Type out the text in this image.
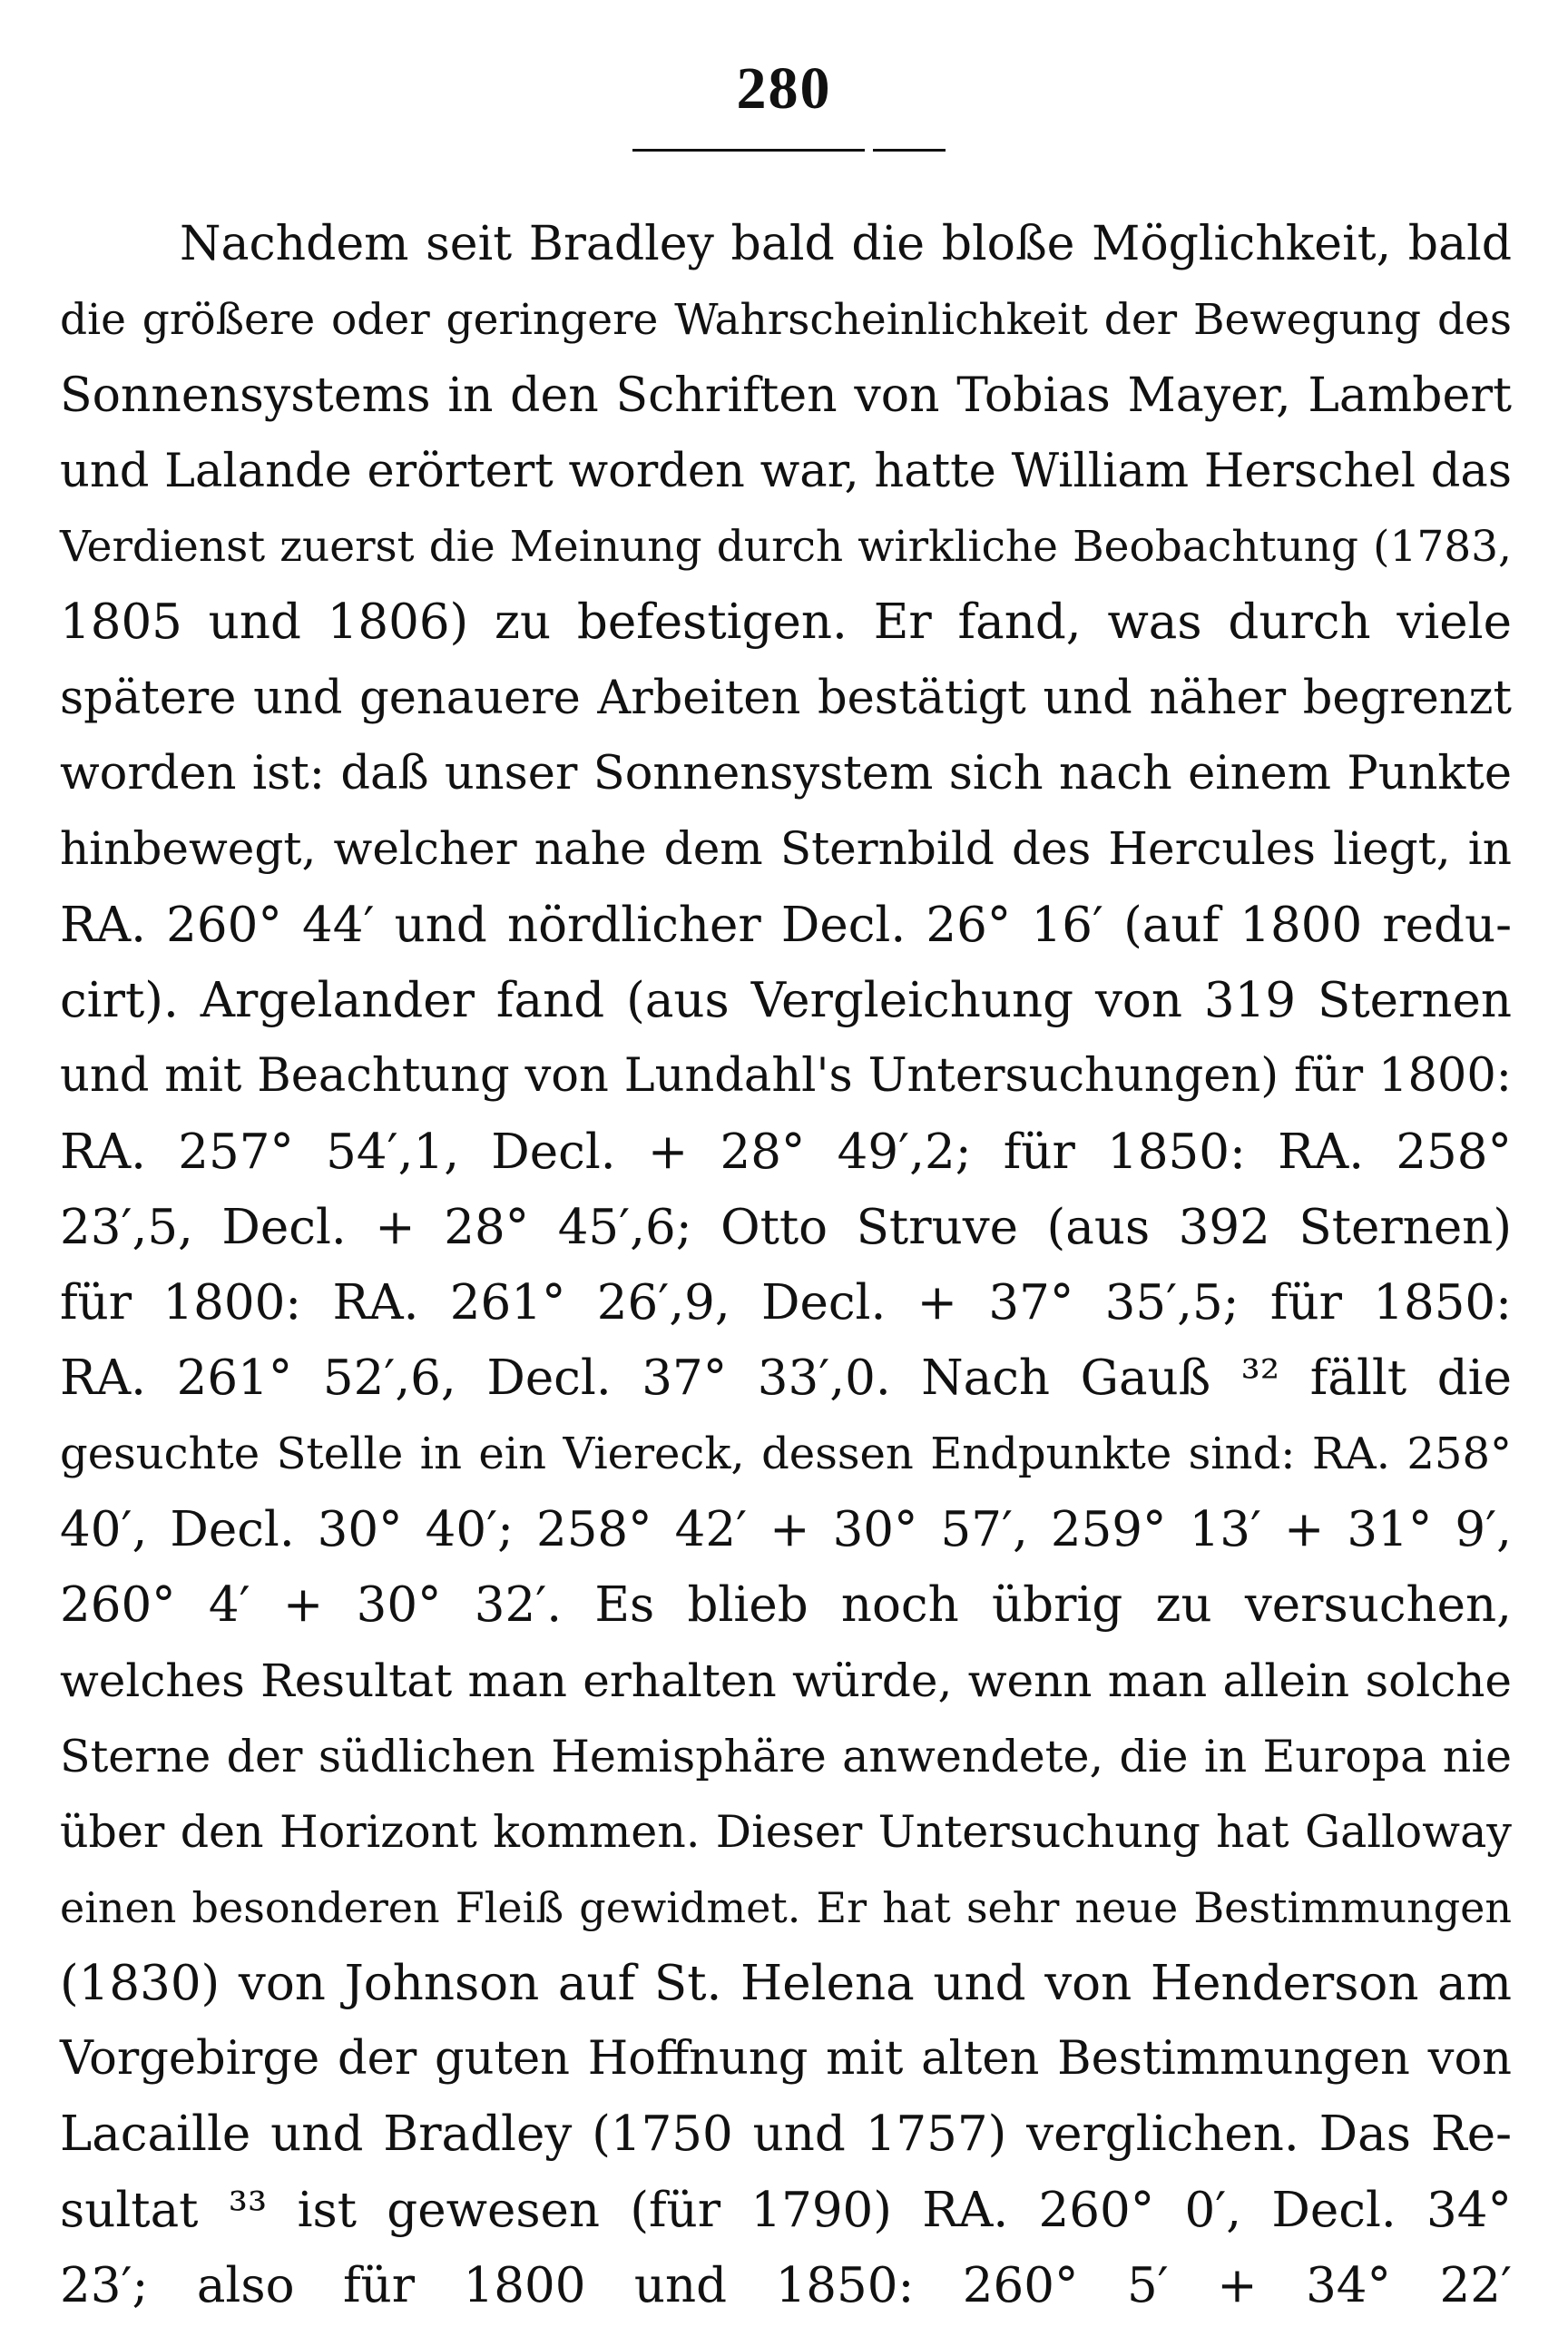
280
Nachdem seit Bradley bald die bloße Möglichkeit, bald
die größere oder geringere Wahrscheinlichkeit der Bewegung des
Sonnensystems in den Schriften von Tobias Mayer, Lambert
und Lalande erörtert worden war, hatte William Herschel das
Verdienst zuerst die Meinung durch wirkliche Beobachtung (1783,
1805 und 1806) zu befestigen. Er fand, was durch viele
spätere und genauere Arbeiten bestätigt und näher begrenzt
worden ist: daß unser Sonnensystem sich nach einem Punkte
hinbewegt, welcher nahe dem Sternbild des Hercules liegt, in
RA. 260° 44′ und nördlicher Decl. 26° 16′ (auf 1800 redu-
cirt). Argelander fand (aus Vergleichung von 319 Sternen
und mit Beachtung von Lundahl's Untersuchungen) für 1800:
RA. 257° 54′,1, Decl. + 28° 49′,2; für 1850: RA. 258°
23′,5, Decl. + 28° 45′,6; Otto Struve (aus 392 Sternen)
für 1800: RA. 261° 26′,9, Decl. + 37° 35′,5; für 1850:
RA. 261° 52′,6, Decl. 37° 33′,0. Nach Gauß ³² fällt die
gesuchte Stelle in ein Viereck, dessen Endpunkte sind: RA. 258°
40′, Decl. 30° 40′; 258° 42′ + 30° 57′, 259° 13′ + 31° 9′,
260° 4′ + 30° 32′. Es blieb noch übrig zu versuchen,
welches Resultat man erhalten würde, wenn man allein solche
Sterne der südlichen Hemisphäre anwendete, die in Europa nie
über den Horizont kommen. Dieser Untersuchung hat Galloway
einen besonderen Fleiß gewidmet. Er hat sehr neue Bestimmungen
(1830) von Johnson auf St. Helena und von Henderson am
Vorgebirge der guten Hoffnung mit alten Bestimmungen von
Lacaille und Bradley (1750 und 1757) verglichen. Das Re-
sultat ³³ ist gewesen (für 1790) RA. 260° 0′, Decl. 34°
23′; also für 1800 und 1850: 260° 5′ + 34° 22′
